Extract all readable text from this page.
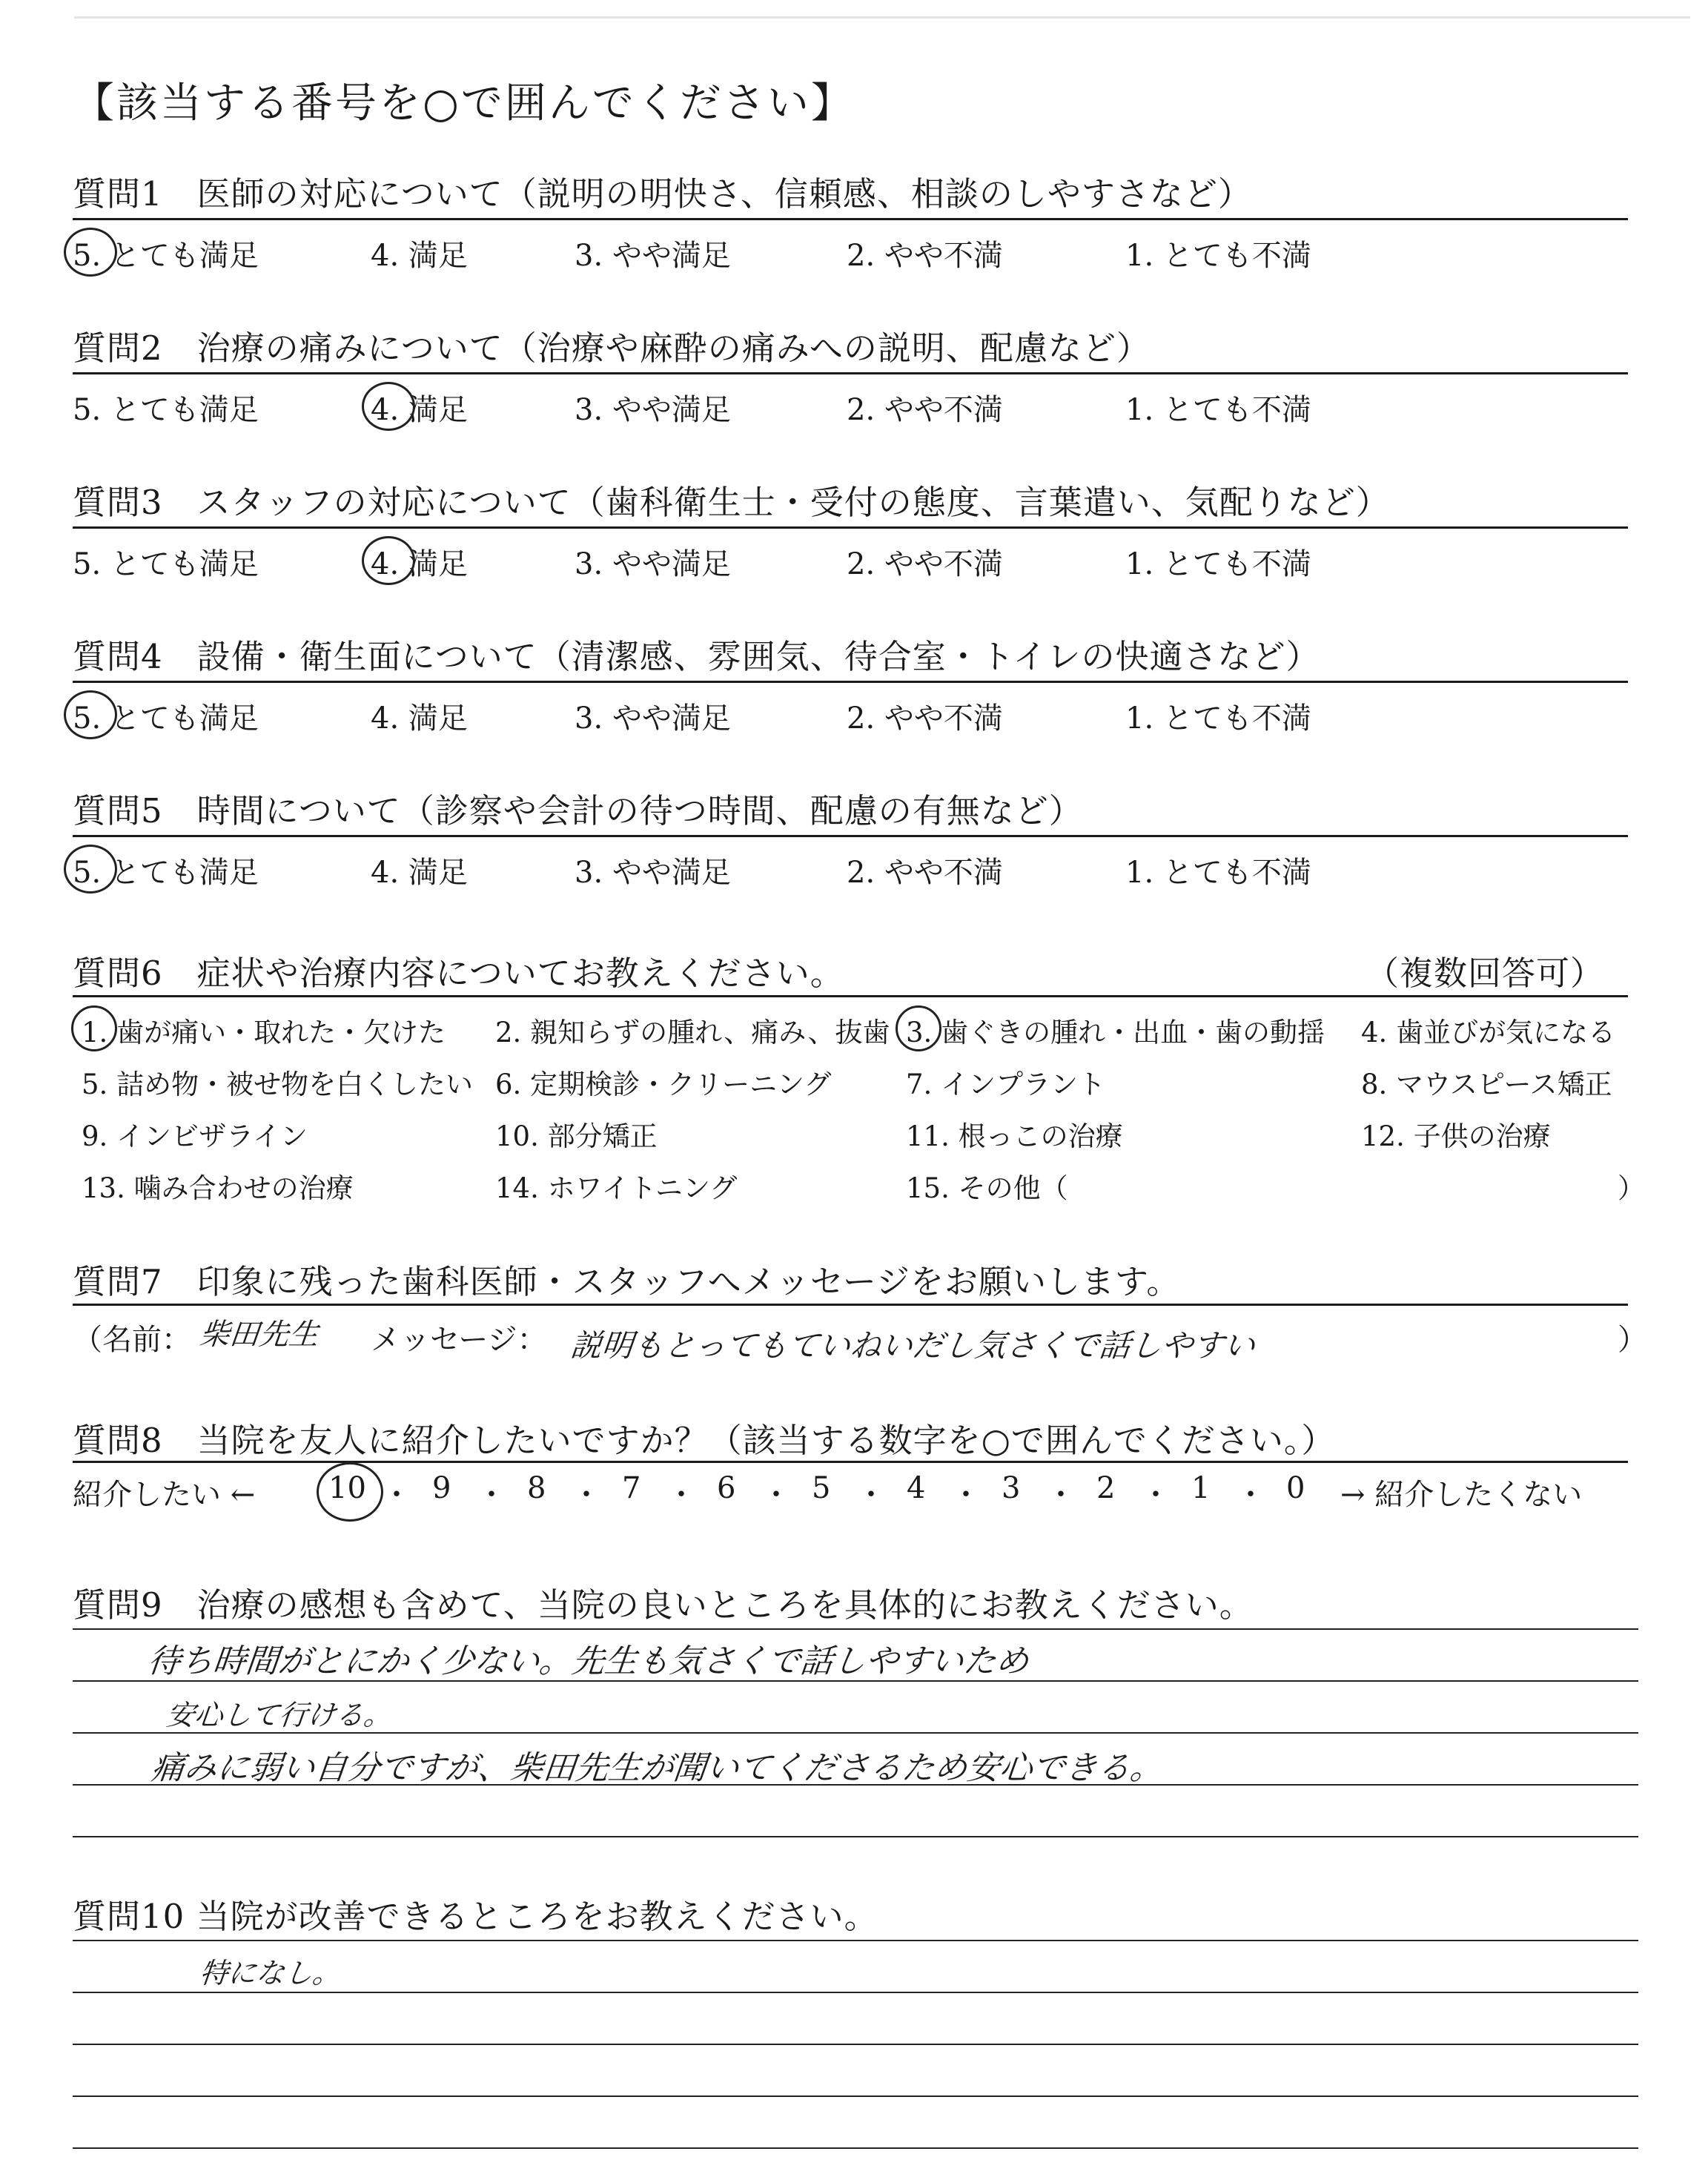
【該当する番号を○で囲んでください】
質問1　医師の対応について（説明の明快さ、信頼感、相談のしやすさなど）
5. とても満足	4. 満足	3. やや満足	2. やや不満	1. とても不満
質問2　治療の痛みについて（治療や麻酔の痛みへの説明、配慮など）
5. とても満足	4. 満足	3. やや満足	2. やや不満	1. とても不満
質問3　スタッフの対応について（歯科衛生士・受付の態度、言葉遣い、気配りなど）
5. とても満足	4. 満足	3. やや満足	2. やや不満	1. とても不満
質問4　設備・衛生面について（清潔感、雰囲気、待合室・トイレの快適さなど）
5. とても満足	4. 満足	3. やや満足	2. やや不満	1. とても不満
質問5　時間について（診察や会計の待つ時間、配慮の有無など）
5. とても満足	4. 満足	3. やや満足	2. やや不満	1. とても不満
質問6　症状や治療内容についてお教えください。	（複数回答可）
1. 歯が痛い・取れた・欠けた 2. 親知らずの腫れ、痛み、抜歯 3. 歯ぐきの腫れ・出血・歯の動揺 4. 歯並びが気になる
5. 詰め物・被せ物を白くしたい 6. 定期検診・クリーニング	7. インプラント	8. マウスピース矯正
9. インビザライン	10. 部分矯正	11. 根っこの治療	12. 子供の治療
13. 噛み合わせの治療	14. ホワイトニング	15. その他（	）
質問7　印象に残った歯科医師・スタッフへメッセージをお願いします。
（名前： 柴田先生 メッセージ： 説明もとってもていねいだし気さくで話しやすい	）
質問8　当院を友人に紹介したいですか？（該当する数字を○で囲んでください。）
紹介したい ← 10 ・ 9 ・ 8 ・ 7 ・ 6 ・ 5 ・ 4 ・ 3 ・ 2 ・ 1 ・ 0 → 紹介したくない
質問9　治療の感想も含めて、当院の良いところを具体的にお教えください。
待ち時間がとにかく少ない。先生も気さくで話しやすいため
安心して行ける。
痛みに弱い自分ですが、柴田先生が聞いてくださるため安心できる。
質問10 当院が改善できるところをお教えください。
特になし。
